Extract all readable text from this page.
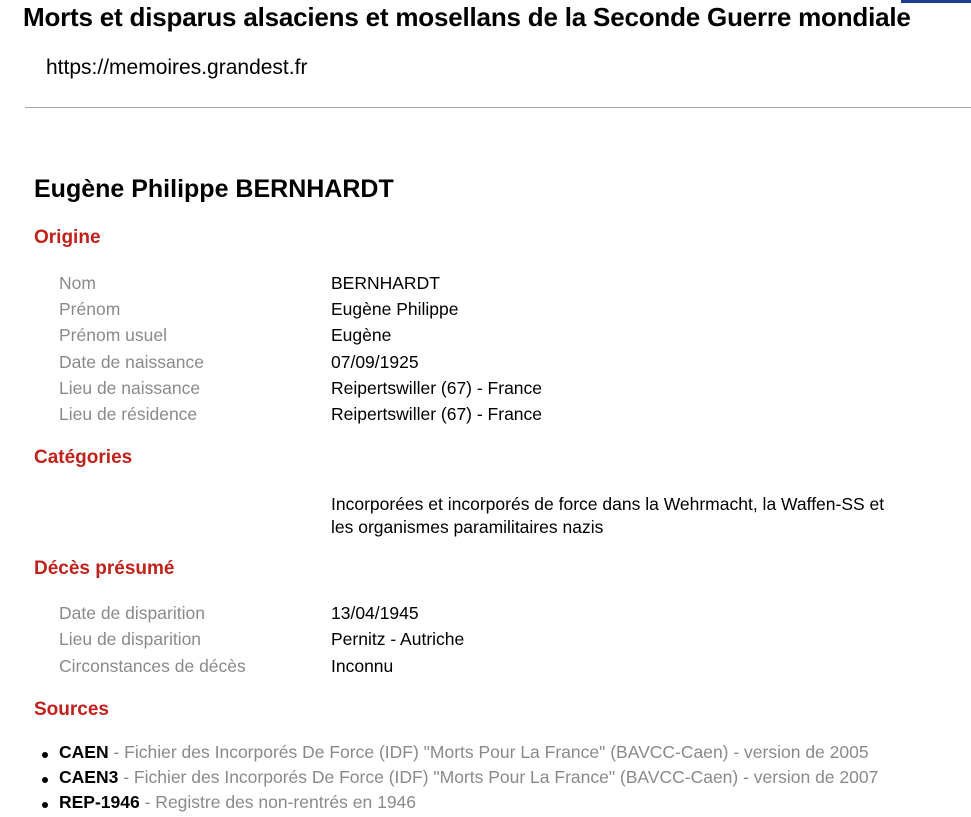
Morts et disparus alsaciens et mosellans de la Seconde Guerre mondiale
https://memoires.grandest.fr
Eugène Philippe BERNHARDT
Origine
Nom	BERNHARDT
Prénom	Eugène Philippe
Prénom usuel	Eugène
Date de naissance	07/09/1925
Lieu de naissance	Reipertswiller (67) - France
Lieu de résidence	Reipertswiller (67) - France
Catégories
Incorporées et incorporés de force dans la Wehrmacht, la Waffen-SS et les organismes paramilitaires nazis
Décès présumé
Date de disparition	13/04/1945
Lieu de disparition	Pernitz - Autriche
Circonstances de décès	Inconnu
Sources
CAEN - Fichier des Incorporés De Force (IDF) "Morts Pour La France" (BAVCC-Caen) - version de 2005
CAEN3 - Fichier des Incorporés De Force (IDF) "Morts Pour La France" (BAVCC-Caen) - version de 2007
REP-1946 - Registre des non-rentrés en 1946
